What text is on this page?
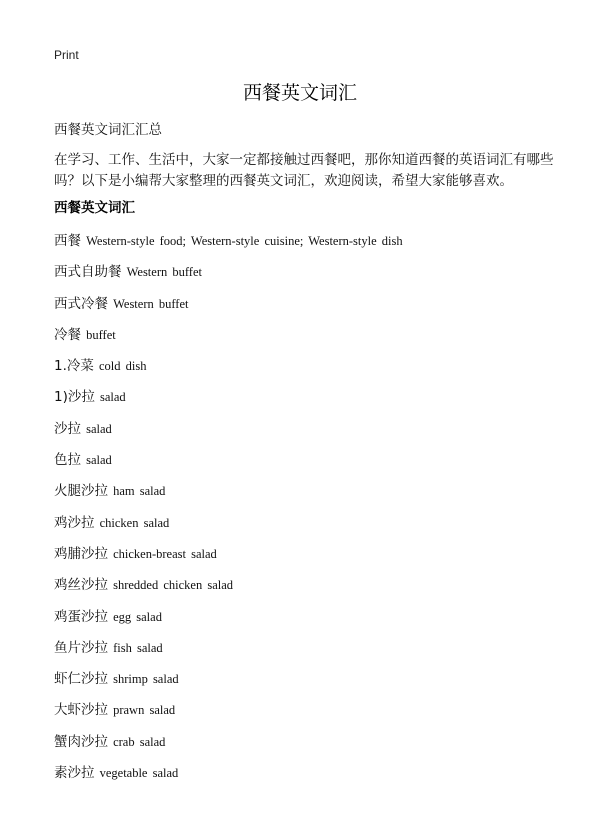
Print
西餐英文词汇
西餐英文词汇汇总

在学习、工作、生活中，大家一定都接触过西餐吧，那你知道西餐的英语词汇有哪些吗？以下是小编帮大家整理的西餐英文词汇，欢迎阅读，希望大家能够喜欢。

西餐英文词汇
西餐 Western-style food; Western-style cuisine; Western-style dish
西式自助餐 Western buffet
西式冷餐 Western buffet
冷餐 buffet
1.冷菜 cold dish
1)沙拉 salad
沙拉 salad
色拉 salad
火腿沙拉 ham salad
鸡沙拉 chicken salad
鸡脯沙拉 chicken-breast salad
鸡丝沙拉 shredded chicken salad
鸡蛋沙拉 egg salad
鱼片沙拉 fish salad
虾仁沙拉 shrimp salad
大虾沙拉 prawn salad
蟹肉沙拉 crab salad
素沙拉 vegetable salad
